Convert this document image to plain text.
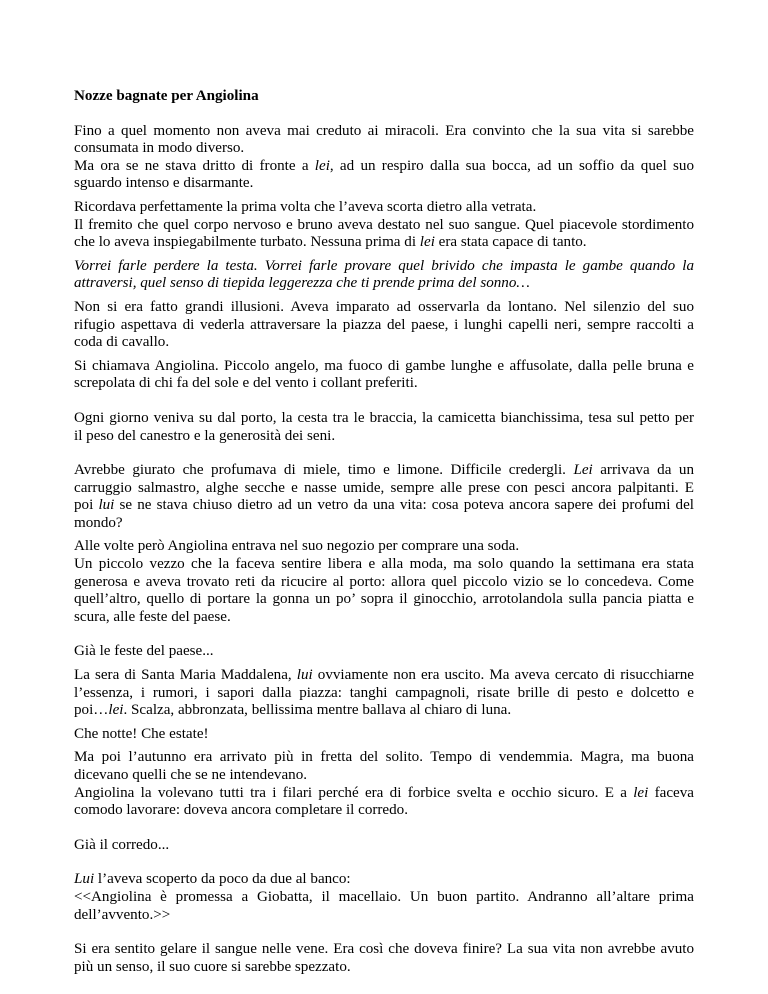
Nozze bagnate per Angiolina

Fino a quel momento non aveva mai creduto ai miracoli. Era convinto che la sua vita si sarebbe
consumata in modo diverso.
Ma ora se ne stava dritto di fronte a lei, ad un respiro dalla sua bocca, ad un soffio da quel suo
sguardo intenso e disarmante.
Ricordava perfettamente la prima volta che l’aveva scorta dietro alla vetrata.
Il fremito che quel corpo nervoso e bruno aveva destato nel suo sangue. Quel piacevole stordimento
che lo aveva inspiegabilmente turbato. Nessuna prima di lei era stata capace di tanto.
Vorrei farle perdere la testa. Vorrei farle provare quel brivido che impasta le gambe quando la
attraversi, quel senso di tiepida leggerezza che ti prende prima del sonno…
Non si era fatto grandi illusioni. Aveva imparato ad osservarla da lontano. Nel silenzio del suo
rifugio aspettava di vederla attraversare la piazza del paese, i lunghi capelli neri, sempre raccolti a
coda di cavallo.
Si chiamava Angiolina. Piccolo angelo, ma fuoco di gambe lunghe e affusolate, dalla pelle bruna e
screpolata di chi fa del sole e del vento i collant preferiti.
Ogni giorno veniva su dal porto, la cesta tra le braccia, la camicetta bianchissima, tesa sul petto per
il peso del canestro e la generosità dei seni.
Avrebbe giurato che profumava di miele, timo e limone. Difficile credergli. Lei arrivava da un
carruggio salmastro, alghe secche e nasse umide, sempre alle prese con pesci ancora palpitanti. E
poi lui se ne stava chiuso dietro ad un vetro da una vita: cosa poteva ancora sapere dei profumi del
mondo?
Alle volte però Angiolina entrava nel suo negozio per comprare una soda.
Un piccolo vezzo che la faceva sentire libera e alla moda, ma solo quando la settimana era stata
generosa e aveva trovato reti da ricucire al porto: allora quel piccolo vizio se lo concedeva. Come
quell’altro, quello di portare la gonna un po’ sopra il ginocchio, arrotolandola sulla pancia piatta e
scura, alle feste del paese.
Già le feste del paese...
La sera di Santa Maria Maddalena, lui ovviamente non era uscito. Ma aveva cercato di risucchiarne
l’essenza, i rumori, i sapori dalla piazza: tanghi campagnoli, risate brille di pesto e dolcetto e
poi…lei. Scalza, abbronzata, bellissima mentre ballava al chiaro di luna.
Che notte! Che estate!
Ma poi l’autunno era arrivato più in fretta del solito. Tempo di vendemmia. Magra, ma buona
dicevano quelli che se ne intendevano.
Angiolina la volevano tutti tra i filari perché era di forbice svelta e occhio sicuro. E a lei faceva
comodo lavorare: doveva ancora completare il corredo.
Già il corredo...
Lui l’aveva scoperto da poco da due al banco:
<<Angiolina è promessa a Giobatta, il macellaio. Un buon partito. Andranno all’altare prima
dell’avvento.>>
Si era sentito gelare il sangue nelle vene. Era così che doveva finire? La sua vita non avrebbe avuto
più un senso, il suo cuore si sarebbe spezzato.
